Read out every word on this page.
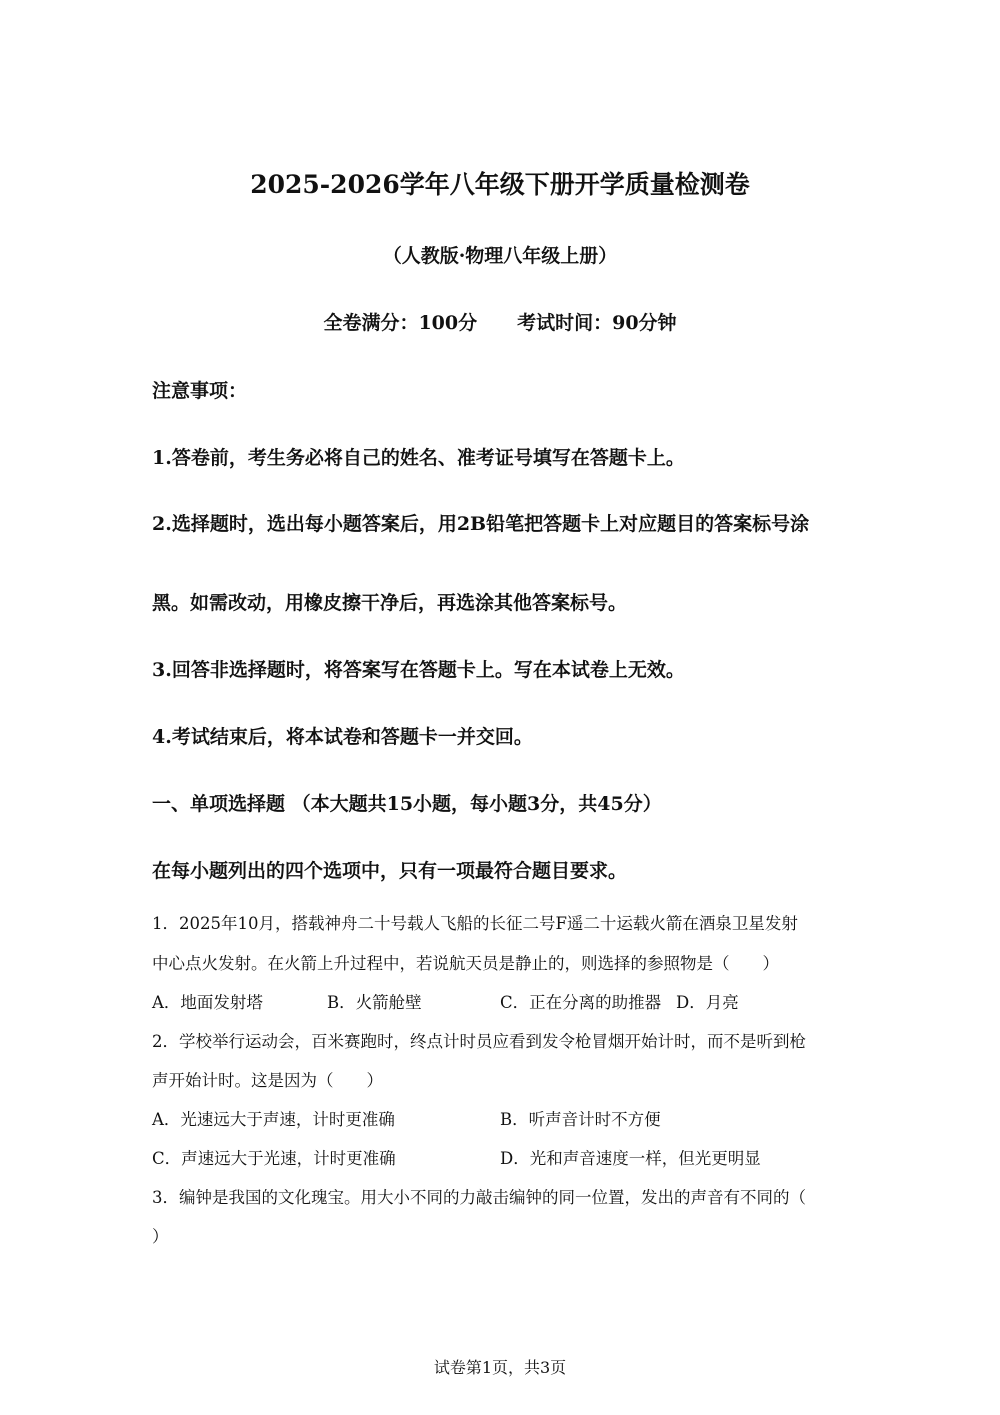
2025-2026学年八年级下册开学质量检测卷
（人教版·物理八年级上册）
全卷满分：100分 考试时间：90分钟
注意事项：
1.答卷前，考生务必将自己的姓名、准考证号填写在答题卡上。
2.选择题时，选出每小题答案后，用2B铅笔把答题卡上对应题目的答案标号涂
黑。如需改动，用橡皮擦干净后，再选涂其他答案标号。
3.回答非选择题时，将答案写在答题卡上。写在本试卷上无效。
4.考试结束后，将本试卷和答题卡一并交回。
一、单项选择题 （本大题共15小题，每小题3分，共45分）
在每小题列出的四个选项中，只有一项最符合题目要求。
1．2025年10月，搭载神舟二十号载人飞船的长征二号F遥二十运载火箭在酒泉卫星发射
中心点火发射。在火箭上升过程中，若说航天员是静止的，则选择的参照物是（　　）
A．地面发射塔	B．火箭舱壁	C．正在分离的助推器 D．月亮
2．学校举行运动会，百米赛跑时，终点计时员应看到发令枪冒烟开始计时，而不是听到枪
声开始计时。这是因为（　　）
A．光速远大于声速，计时更准确	B．听声音计时不方便
C．声速远大于光速，计时更准确	D．光和声音速度一样，但光更明显
3．编钟是我国的文化瑰宝。用大小不同的力敲击编钟的同一位置，发出的声音有不同的（
）
试卷第1页，共3页
